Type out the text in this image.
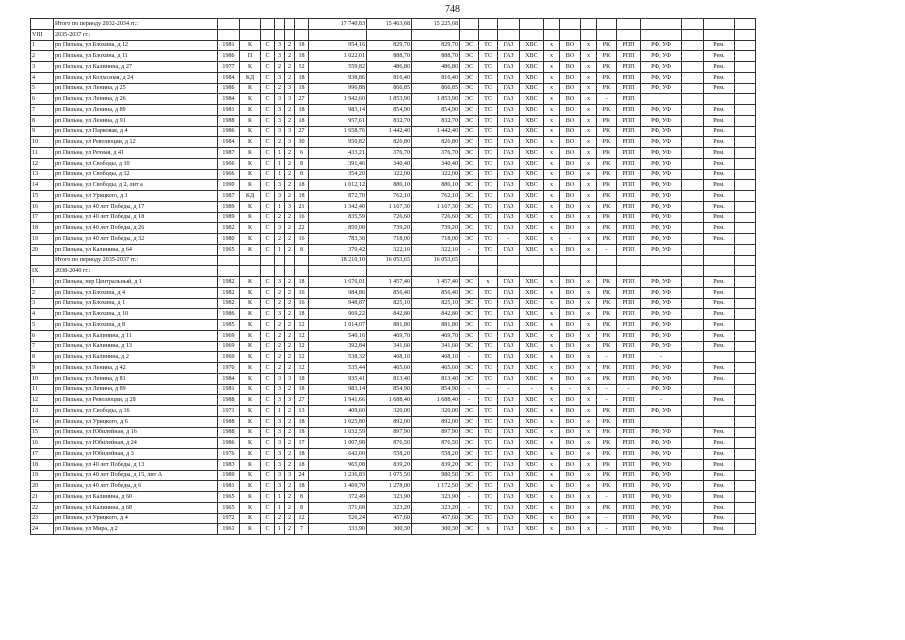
748
	Итого по периоду 2032-2034 гг.:							17 740,83	15 463,68	15 225,68													
VIII	2035-2037 гг.:																						
1	рп Пильна, ул Блохина, д 12	1981	К	С	3	2	18	954,16	829,70	829,70	ЭС	ТС	ГАЗ	ХВС	х	ВО	х	РК	РПП	РФ, УФ		Рем.	
2	рп Пильна, ул Блохина, д 11	1986	П	С	3	2	18	1 022,01	888,70	888,70	ЭС	ТС	ГАЗ	ХВС	х	ВО	х	РК	РПП	РФ, УФ		Рем.	
3	рп Пильна, ул Калинина, д 27	1977	К	С	2	2	12	559,82	486,80	486,80	ЭС	ТС	ГАЗ	ХВС	х	ВО	х	РК	РПП	РФ, УФ		Рем.	
4	рп Пильна, ул Колхозная, д 24	1984	КД	С	3	2	18	938,86	816,40	816,40	ЭС	ТС	ГАЗ	ХВС	х	ВО	х	РК	РПП	РФ, УФ		Рем.	
5	рп Пильна, ул Ленина, д 25	1986	К	С	2	3	18	996,88	866,85	866,85	ЭС	ТС	ГАЗ	ХВС	х	ВО	х	РК	РПП	РФ, УФ		Рем.	
6	рп Пильна, ул Ленина, д 26	1984	К	С	3	3	27	1 942,60	1 853,90	1 853,90	ЭС	ТС	ГАЗ	ХВС	х	ВО	х	-	РПП				
7	рп Пильна, ул Ленина, д 89	1981	К	С	3	2	18	983,14	854,90	854,90	ЭС	ТС	ГАЗ	ХВС	х	ВО	х	РК	РПП	РФ, УФ		Рем.	
8	рп Пильна, ул Ленина, д 91	1988	К	С	3	2	18	957,61	832,70	832,70	ЭС	ТС	ГАЗ	ХВС	х	ВО	х	РК	РПП	РФ, УФ		Рем.	
9	рп Пильна, ул Парковая, д 4	1986	К	С	3	3	27	1 658,76	1 442,40	1 442,40	ЭС	ТС	ГАЗ	ХВС	х	ВО	х	РК	РПП	РФ, УФ		Рем.	
10	рп Пильна, ул Революции, д 12	1984	К	С	2	3	30	950,82	826,80	826,80	ЭС	ТС	ГАЗ	ХВС	х	ВО	х	РК	РПП	РФ, УФ		Рем.	
11	рп Пильна, ул Речная, д 41	1987	К	С	1	2	6	433,21	376,70	376,70	ЭС	ТС	ГАЗ	ХВС	х	ВО	х	РК	РПП	РФ, УФ		Рем.	
12	рп Пильна, ул Свободы, д 10	1966	К	С	1	2	8	391,46	340,40	340,40	ЭС	ТС	ГАЗ	ХВС	х	ВО	х	РК	РПП	РФ, УФ		Рем.	
13	рп Пильна, ул Свободы, д 12	1966	К	С	1	2	8	354,20	322,00	322,00	ЭС	ТС	ГАЗ	ХВС	х	ВО	х	РК	РПП	РФ, УФ		Рем.	
14	рп Пильна, ул Свободы, д 2, лит а	1990	К	С	3	2	18	1 012,12	880,10	880,10	ЭС	ТС	ГАЗ	ХВС	х	ВО	х	РК	РПП	РФ, УФ		Рем.	
15	рп Пильна, ул Урицкого, д 1	1987	КД	С	3	2	18	872,70	762,10	762,10	ЭС	ТС	ГАЗ	ХВС	х	ВО	х	РК	РПП	РФ, УФ		Рем.	
16	рп Пильна, ул 40 лет Победы, д 17	1989	К	С	1	3	21	1 342,40	1 167,30	1 167,30	ЭС	ТС	ГАЗ	ХВС	х	ВО	х	РК	РПП	РФ, УФ		Рем.	
17	рп Пильна, ул 40 лет Победы, д 18	1989	К	С	2	2	16	835,59	726,60	726,60	ЭС	ТС	ГАЗ	ХВС	х	ВО	х	РК	РПП	РФ, УФ		Рем.	
18	рп Пильна, ул 40 лет Победы, д 26	1982	К	С	3	2	22	850,08	739,20	739,20	ЭС	ТС	ГАЗ	ХВС	х	ВО	х	РК	РПП	РФ, УФ		Рем.	
19	рп Пильна, ул 40 лет Победы, д 32	1980	К	С	2	2	16	783,30	718,00	718,00	ЭС	ТС	-	ХВС	х	-	х	РК	РПП	РФ, УФ		Рем.	
20	рп Пильна, ул Калинина, д 64	1965	К	С	1	2	8	370,42	322,10	322,10	-	ТС	ГАЗ	ХВС	х	ВО	х	-	РПП	РФ, УФ			
	Итого по периоду 2035-2037 гг.:							18 210,10	16 053,65	16 053,65													
IX	2038-2040 гг.:																						
1	рп Пильна, пер Центральный, д 1	1982	К	С	3	2	18	1 676,01	1 457,40	1 457,40	ЭС	х	ГАЗ	ХВС	х	ВО	х	РК	РПП	РФ, УФ		Рем.	
2	рп Пильна, ул Блохина, д 4	1982	К	С	2	2	16	984,86	856,40	856,40	ЭС	ТС	ГАЗ	ХВС	х	ВО	х	РК	РПП	РФ, УФ		Рем.	
3	рп Пильна, ул Блохина, д 1	1982	К	С	2	2	16	948,87	825,10	825,10	ЭС	ТС	ГАЗ	ХВС	х	ВО	х	РК	РПП	РФ, УФ		Рем.	
4	рп Пильна, ул Блохина, д 10	1986	К	С	3	2	18	969,22	842,80	842,80	ЭС	ТС	ГАЗ	ХВС	х	ВО	х	РК	РПП	РФ, УФ		Рем.	
5	рп Пильна, ул Блохина, д 8	1985	К	С	2	2	12	1 014,07	881,80	881,80	ЭС	ТС	ГАЗ	ХВС	х	ВО	х	РК	РПП	РФ, УФ		Рем.	
6	рп Пильна, ул Калинина, д 11	1969	К	С	2	2	12	540,16	469,70	469,70	ЭС	ТС	ГАЗ	ХВС	х	ВО	х	РК	РПП	РФ, УФ		Рем.	
7	рп Пильна, ул Калинина, д 13	1969	К	С	2	2	12	392,84	341,60	341,60	ЭС	ТС	ГАЗ	ХВС	х	ВО	х	РК	РПП	РФ, УФ		Рем.	
8	рп Пильна, ул Калинина, д 2	1969	К	С	2	2	12	538,32	468,10	468,10	-	ТС	ГАЗ	ХВС	х	ВО	х	-	РПП	-			
9	рп Пильна, ул Ленина, д 42	1970	К	С	2	2	12	535,44	465,60	465,60	ЭС	ТС	ГАЗ	ХВС	х	ВО	х	РК	РПП	РФ, УФ		Рем.	
10	рп Пильна, ул Ленина, д 81	1984	К	С	3	3	18	935,41	813,40	813,40	ЭС	ТС	ГАЗ	ХВС	х	ВО	х	РК	РПП	РФ, УФ		Рем.	
11	рп Пильна, ул Ленина, д 89	1981	К	С	3	2	18	983,14	854,90	854,90	-	-	-	-	х	-	х	-	-	РФ, УФ			
12	рп Пильна, ул Революции, д 28	1988	К	С	3	3	27	1 941,66	1 688,40	1 688,40	-	ТС	ГАЗ	ХВС	х	ВО	х	-	РПП	-		Рем.	
13	рп Пильна, ул Свободы, д 16	1971	К	С	1	2	13	409,60	320,00	320,00	ЭС	ТС	ГАЗ	ХВС	х	ВО	х	РК	РПП	РФ, УФ			
14	рп Пильна, ул Урицкого, д 6	1988	К	С	3	2	18	1 025,80	892,00	892,00	ЭС	ТС	ГАЗ	ХВС	х	ВО	х	РК	РПП				
15	рп Пильна, ул Юбилейная, д 16	1988	К	С	3	2	18	1 032,59	897,90	897,90	ЭС	ТС	ГАЗ	ХВС	х	ВО	х	РК	РПП	РФ, УФ		Рем.	
16	рп Пильна, ул Юбилейная, д 24	1986	К	С	3	2	17	1 007,98	876,50	876,50	ЭС	ТС	ГАЗ	ХВС	х	ВО	х	РК	РПП	РФ, УФ		Рем.	
17	рп Пильна, ул Юбилейная, д 3	1976	К	С	3	2	18	642,00	558,20	558,20	ЭС	ТС	ГАЗ	ХВС	х	ВО	х	РК	РПП	РФ, УФ		Рем.	
18	рп Пильна, ул 40 лет Победы, д 13	1983	К	С	3	2	18	965,08	839,20	839,20	ЭС	ТС	ГАЗ	ХВС	х	ВО	х	РК	РПП	РФ, УФ		Рем.	
19	рп Пильна, ул 40 лет Победы, д 15, лит А	1989	К	С	3	3	24	1 236,83	1 075,50	980,50	ЭС	ТС	ГАЗ	ХВС	х	ВО	х	РК	РПП	РФ, УФ		Рем.	
20	рп Пильна, ул 40 лет Победы, д 6	1981	К	С	3	2	18	1 469,70	1 278,00	1 172,50	ЭС	ТС	ГАЗ	ХВС	х	ВО	х	РК	РПП	РФ, УФ		Рем.	
21	рп Пильна, ул Калинина, д 60	1965	К	С	1	2	8	372,49	323,90	323,90	-	ТС	ГАЗ	ХВС	х	ВО	х	-	РПП	РФ, УФ		Рем.	
22	рп Пильна, ул Калинина, д 68	1965	К	С	1	2	8	371,68	323,20	323,20	-	ТС	ГАЗ	ХВС	х	ВО	х	РК	РПП	РФ, УФ		Рем.	
23	рп Пильна, ул Урицкого, д 4	1972	К	С	2	2	12	526,24	457,60	457,60	ЭС	ТС	ГАЗ	ХВС	х	ВО	х	-	РПП	РФ, УФ		Рем.	
24	рп Пильна, ул Мира, д 2	1961	К	С	1	2	7	333,90	300,30	300,30	ЭС	х	ГАЗ	ХВС	х	ВО	х	-	РПП	РФ, УФ		Рем.	
